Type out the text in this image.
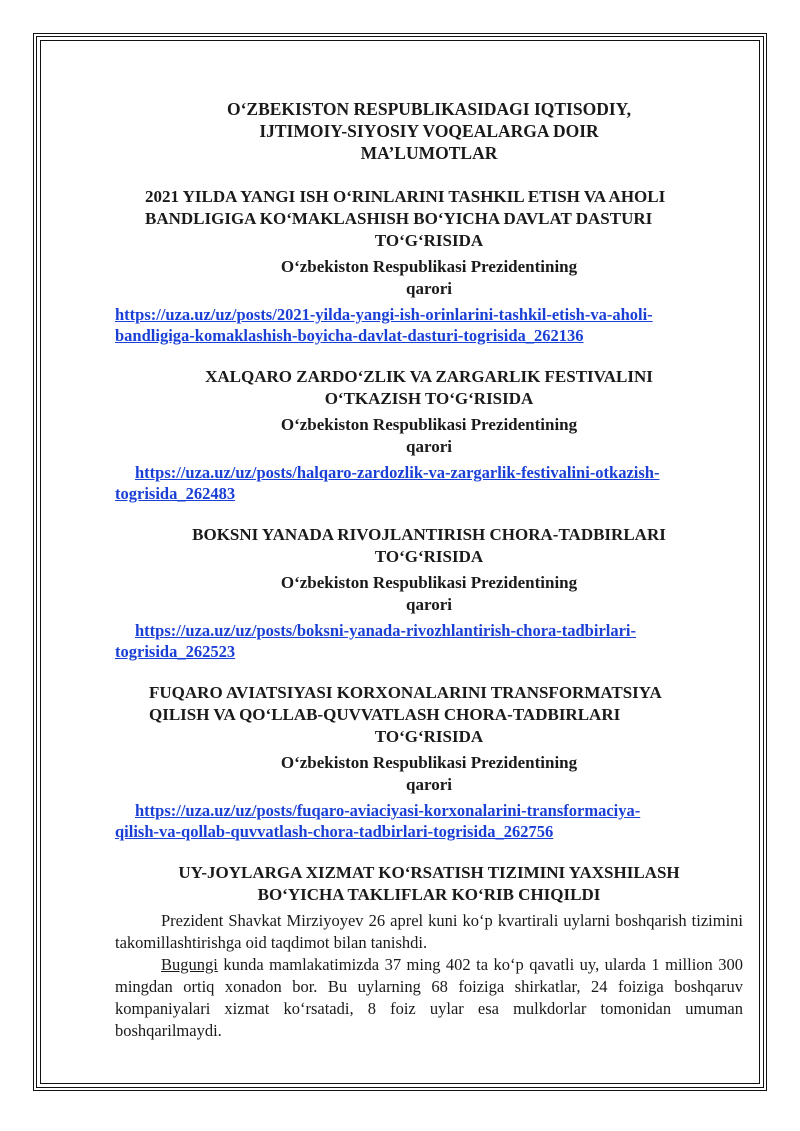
O‘ZBEKISTON RESPUBLIKASIDAGI IQTISODIY,

IJTIMOIY-SIYOSIY VOQEALARGA DOIR

MA’LUMOTLAR

2021 YILDA YANGI ISH O‘RINLARINI TASHKIL ETISH VA AHOLI

BANDLIGIGA KO‘MAKLASHISH BO‘YICHA DAVLAT DASTURI

TO‘G‘RISIDA

O‘zbekiston Respublikasi Prezidentining

qarori

https://uza.uz/uz/posts/2021-yilda-yangi-ish-orinlarini-tashkil-etish-va-aholi-

bandligiga-komaklashish-boyicha-davlat-dasturi-togrisida_262136

XALQARO ZARDO‘ZLIK VA ZARGARLIK FESTIVALINI

O‘TKAZISH TO‘G‘RISIDA

O‘zbekiston Respublikasi Prezidentining

qarori

https://uza.uz/uz/posts/halqaro-zardozlik-va-zargarlik-festivalini-otkazish-

togrisida_262483

BOKSNI YANADA RIVOJLANTIRISH CHORA-TADBIRLARI

TO‘G‘RISIDA

O‘zbekiston Respublikasi Prezidentining

qarori

https://uza.uz/uz/posts/boksni-yanada-rivozhlantirish-chora-tadbirlari-

togrisida_262523

FUQARO AVIATSIYASI KORXONALARINI TRANSFORMATSIYA

QILISH VA QO‘LLAB-QUVVATLASH CHORA-TADBIRLARI

TO‘G‘RISIDA

O‘zbekiston Respublikasi Prezidentining

qarori

https://uza.uz/uz/posts/fuqaro-aviaciyasi-korxonalarini-transformaciya-

qilish-va-qollab-quvvatlash-chora-tadbirlari-togrisida_262756

UY-JOYLARGA XIZMAT KO‘RSATISH TIZIMINI YAXSHILASH

BO‘YICHA TAKLIFLAR KO‘RIB CHIQILDI

Prezident Shavkat Mirziyoyev 26 aprel kuni ko‘p kvartirali uylarni boshqarish tizimini takomillashtirishga oid taqdimot bilan tanishdi.

Bugungi kunda mamlakatimizda 37 ming 402 ta ko‘p qavatli uy, ularda 1 million 300 mingdan ortiq xonadon bor. Bu uylarning 68 foiziga shirkatlar, 24 foiziga boshqaruv kompaniyalari xizmat ko‘rsatadi, 8 foiz uylar esa mulkdorlar tomonidan umuman boshqarilmaydi.
